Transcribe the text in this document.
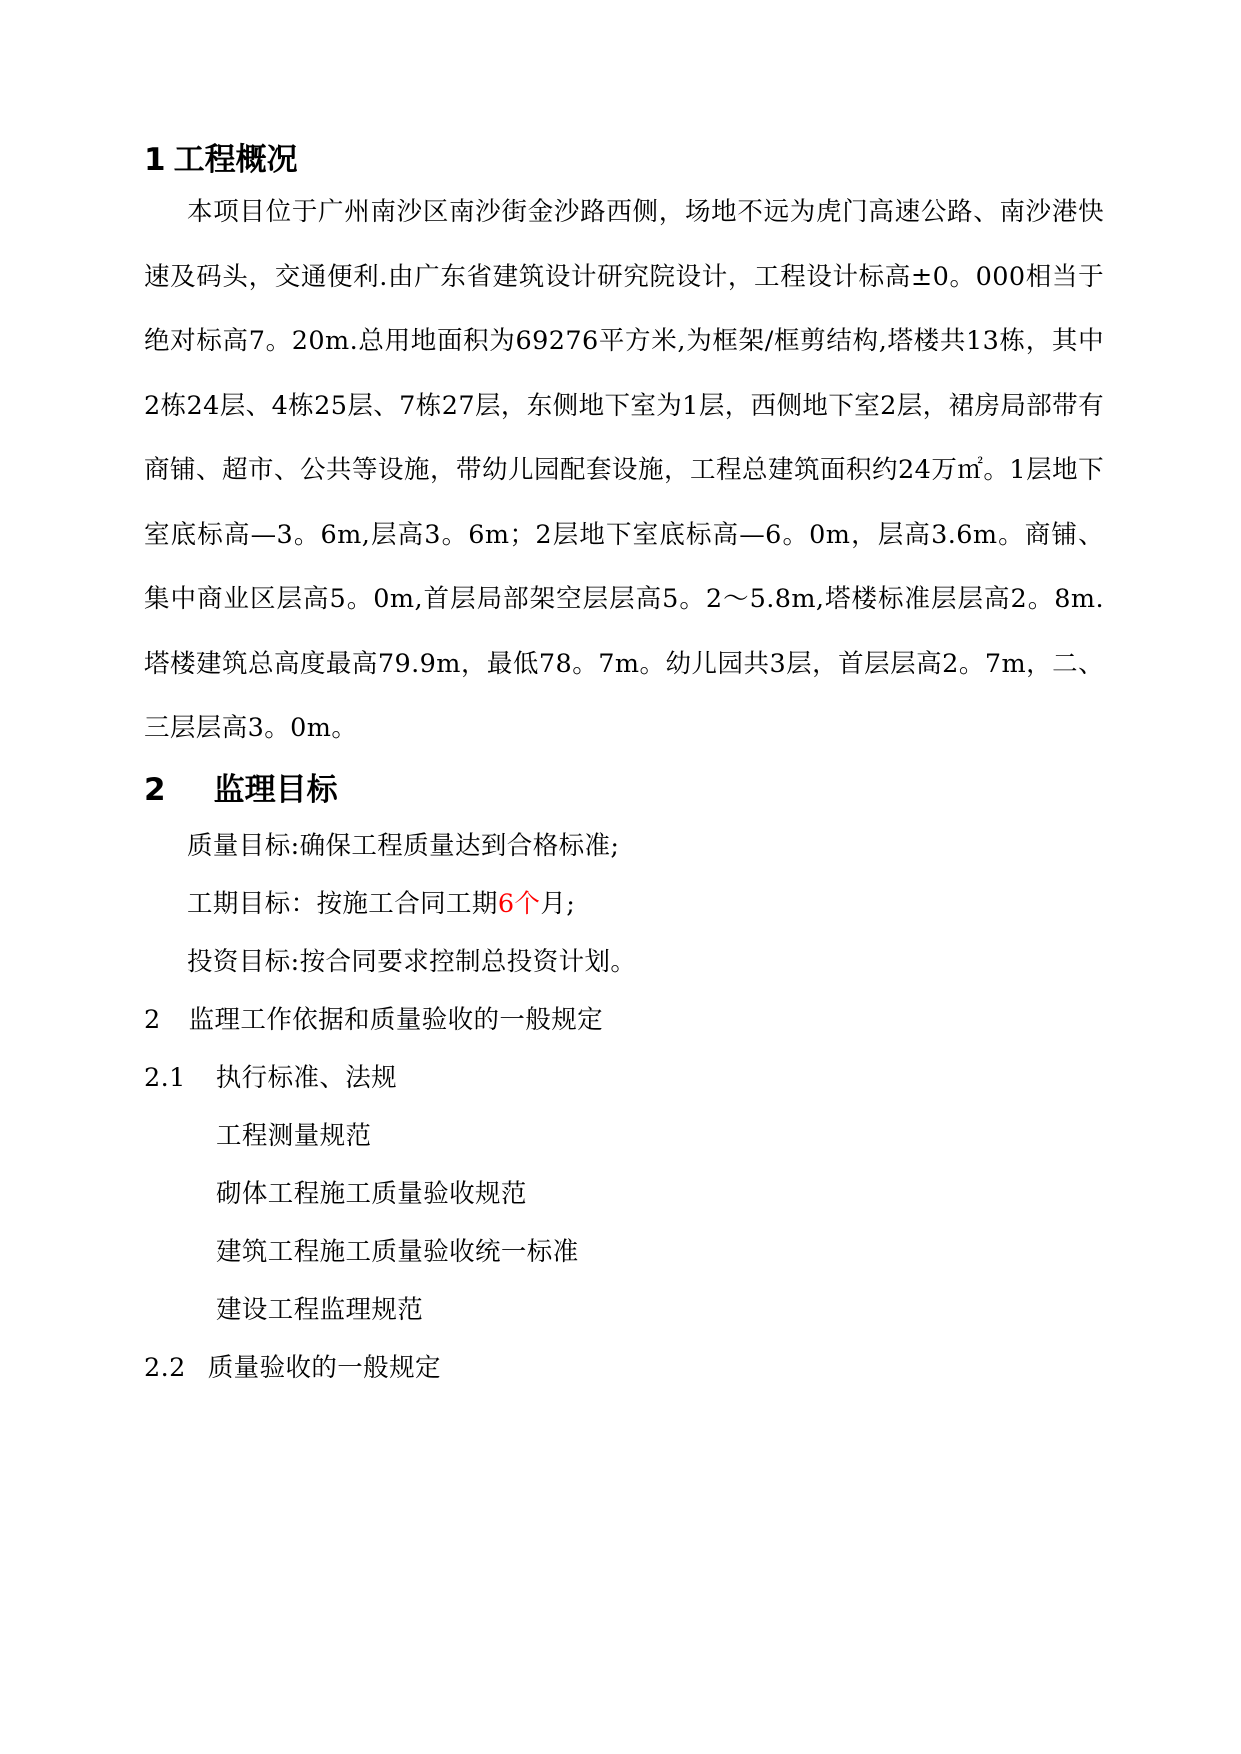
1 工程概况

本项目位于广州南沙区南沙街金沙路西侧，场地不远为虎门高速公路、南沙港快速及码头，交通便利.由广东省建筑设计研究院设计，工程设计标高±0。000相当于绝对标高7。20m.总用地面积为69276平方米,为框架/框剪结构,塔楼共13栋，其中2栋24层、4栋25层、7栋27层，东侧地下室为1层，西侧地下室2层，裙房局部带有商铺、超市、公共等设施，带幼儿园配套设施，工程总建筑面积约24万㎡。1层地下室底标高—3。6m,层高3。6m；2层地下室底标高—6。0m，层高3.6m。商铺、集中商业区层高5。0m,首层局部架空层层高5。2～5.8m,塔楼标准层层高2。8m.塔楼建筑总高度最高79.9m，最低78。7m。幼儿园共3层，首层层高2。7m，二、三层层高3。0m。

2 监理目标
质量目标:确保工程质量达到合格标准;
工期目标：按施工合同工期6个月;
投资目标:按合同要求控制总投资计划。
2 监理工作依据和质量验收的一般规定
2.1 执行标准、法规
工程测量规范
砌体工程施工质量验收规范
建筑工程施工质量验收统一标准
建设工程监理规范
2.2 质量验收的一般规定
